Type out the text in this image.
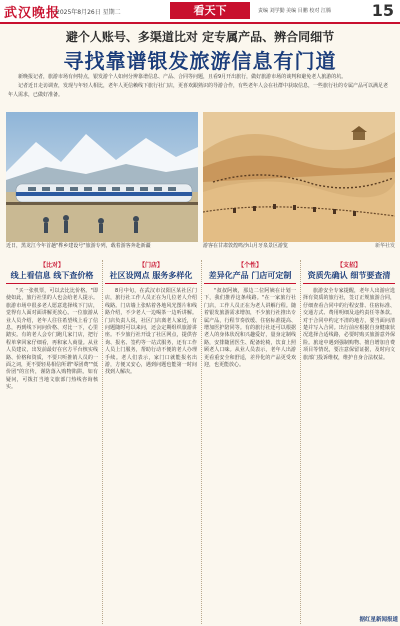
武汉晚报
2025年8月26日 星期二	看天下	责编 刘学勤 美编 目鹏 校对 江腾	15
避个人账号、多渠道比对 定专属产品、辨合同细节
寻找靠谱银发旅游信息有门道

新晚报记者，旅游市场有何特点，银发游个人如何分辨靠谱信息、产品、合同等问题，且看9月开出旅行，做好旅游市场的谈判和避免老人旅游的坑。

记者近日走访调查，发现与年轻人相比，老年人更信赖线下旅行社门店，更喜欢跟熟识的导游合作，有些老年人会在社群中获取信息，一些旅行社的专属产品可以满足老年人需求，已做好准备。

近日，黑龙江今年首趟"桦乡建设号"旅游专列，载着游客奔赴新疆	游客在甘肃敦煌鸣沙山月牙泉景区游览	新华社发
【比对】
线上看信息 线下查价格
"买一张机票，可以去比比价格。"即使如此，旅行社里的人也会给老人提示。旅游市场中很多老人愿意选择线下门店，觉得有人面对面讲解更放心。一位旅游从业人员介绍，老年人往往希望线上看了信息，再到线下问问价格、对比一下，心里踏实。有的老人会专门跑几家门店，把行程单拿回家仔细看，再和家人商量。从业人员建议，出发前最好在官方平台核实线路、价格和资质，不要只听推销人员的一面之词，更不要轻易相信所谓"零团费""低价团"的宣传，谨防落入购物陷阱。如有疑问，可拨打当地文旅部门热线咨询核实。
【门店】
社区设网点 服务多样化
8月中旬，在武汉市汉阳区某社区门店，旅行社工作人员正在为几位老人介绍线路。门店墙上张贴着各地风光图片和线路介绍，不少老人一边喝茶一边听讲解。门店负责人说，社区门店离老人家近，有问题随时可以来问，还会定期组织旅游讲座。不少旅行社开设了社区网点，提供咨询、报名、签约等一站式服务，还有工作人员上门服务，帮助行动不便的老人办理手续。老人们表示，家门口就能报名出游，方便又安心，遇到问题也能第一时间找到人解决。
【个性】
差异化产品 门店可定制
"叔叔阿姨，那边二位阿姨在计划一下，我们推荐这条线路。"在一家旅行社门店，工作人员正在为老人讲解行程。随着银发旅游需求增加，不少旅行社推出专属产品，行程节奏放缓、住宿标准提高、增加医护陪同等。有的旅行社还可以根据老人的身体状况和兴趣爱好，量身定制线路，安排随团医生、配备轮椅，饮食上照顾老人口味。从业人员表示，老年人出游更看重安全和舒适，差异化的产品更受欢迎，也更能放心。
【支招】
资质先确认 细节要查清
旅游安全专家提醒，老年人出游应选择有资质的旅行社，签订正规旅游合同，仔细查看合同中的行程安排、住宿标准、交通方式、费用明细及违约责任等条款。对于合同中约定不清的地方，要当面问清楚并写入合同。出行前应根据自身健康状况选择合适线路，必要时购买旅游意外保险。旅途中遇到强制购物、擅自增加自费项目等情况，要注意保留证据，及时向文旅部门投诉维权，维护自身合法权益。
据红星新闻报道
